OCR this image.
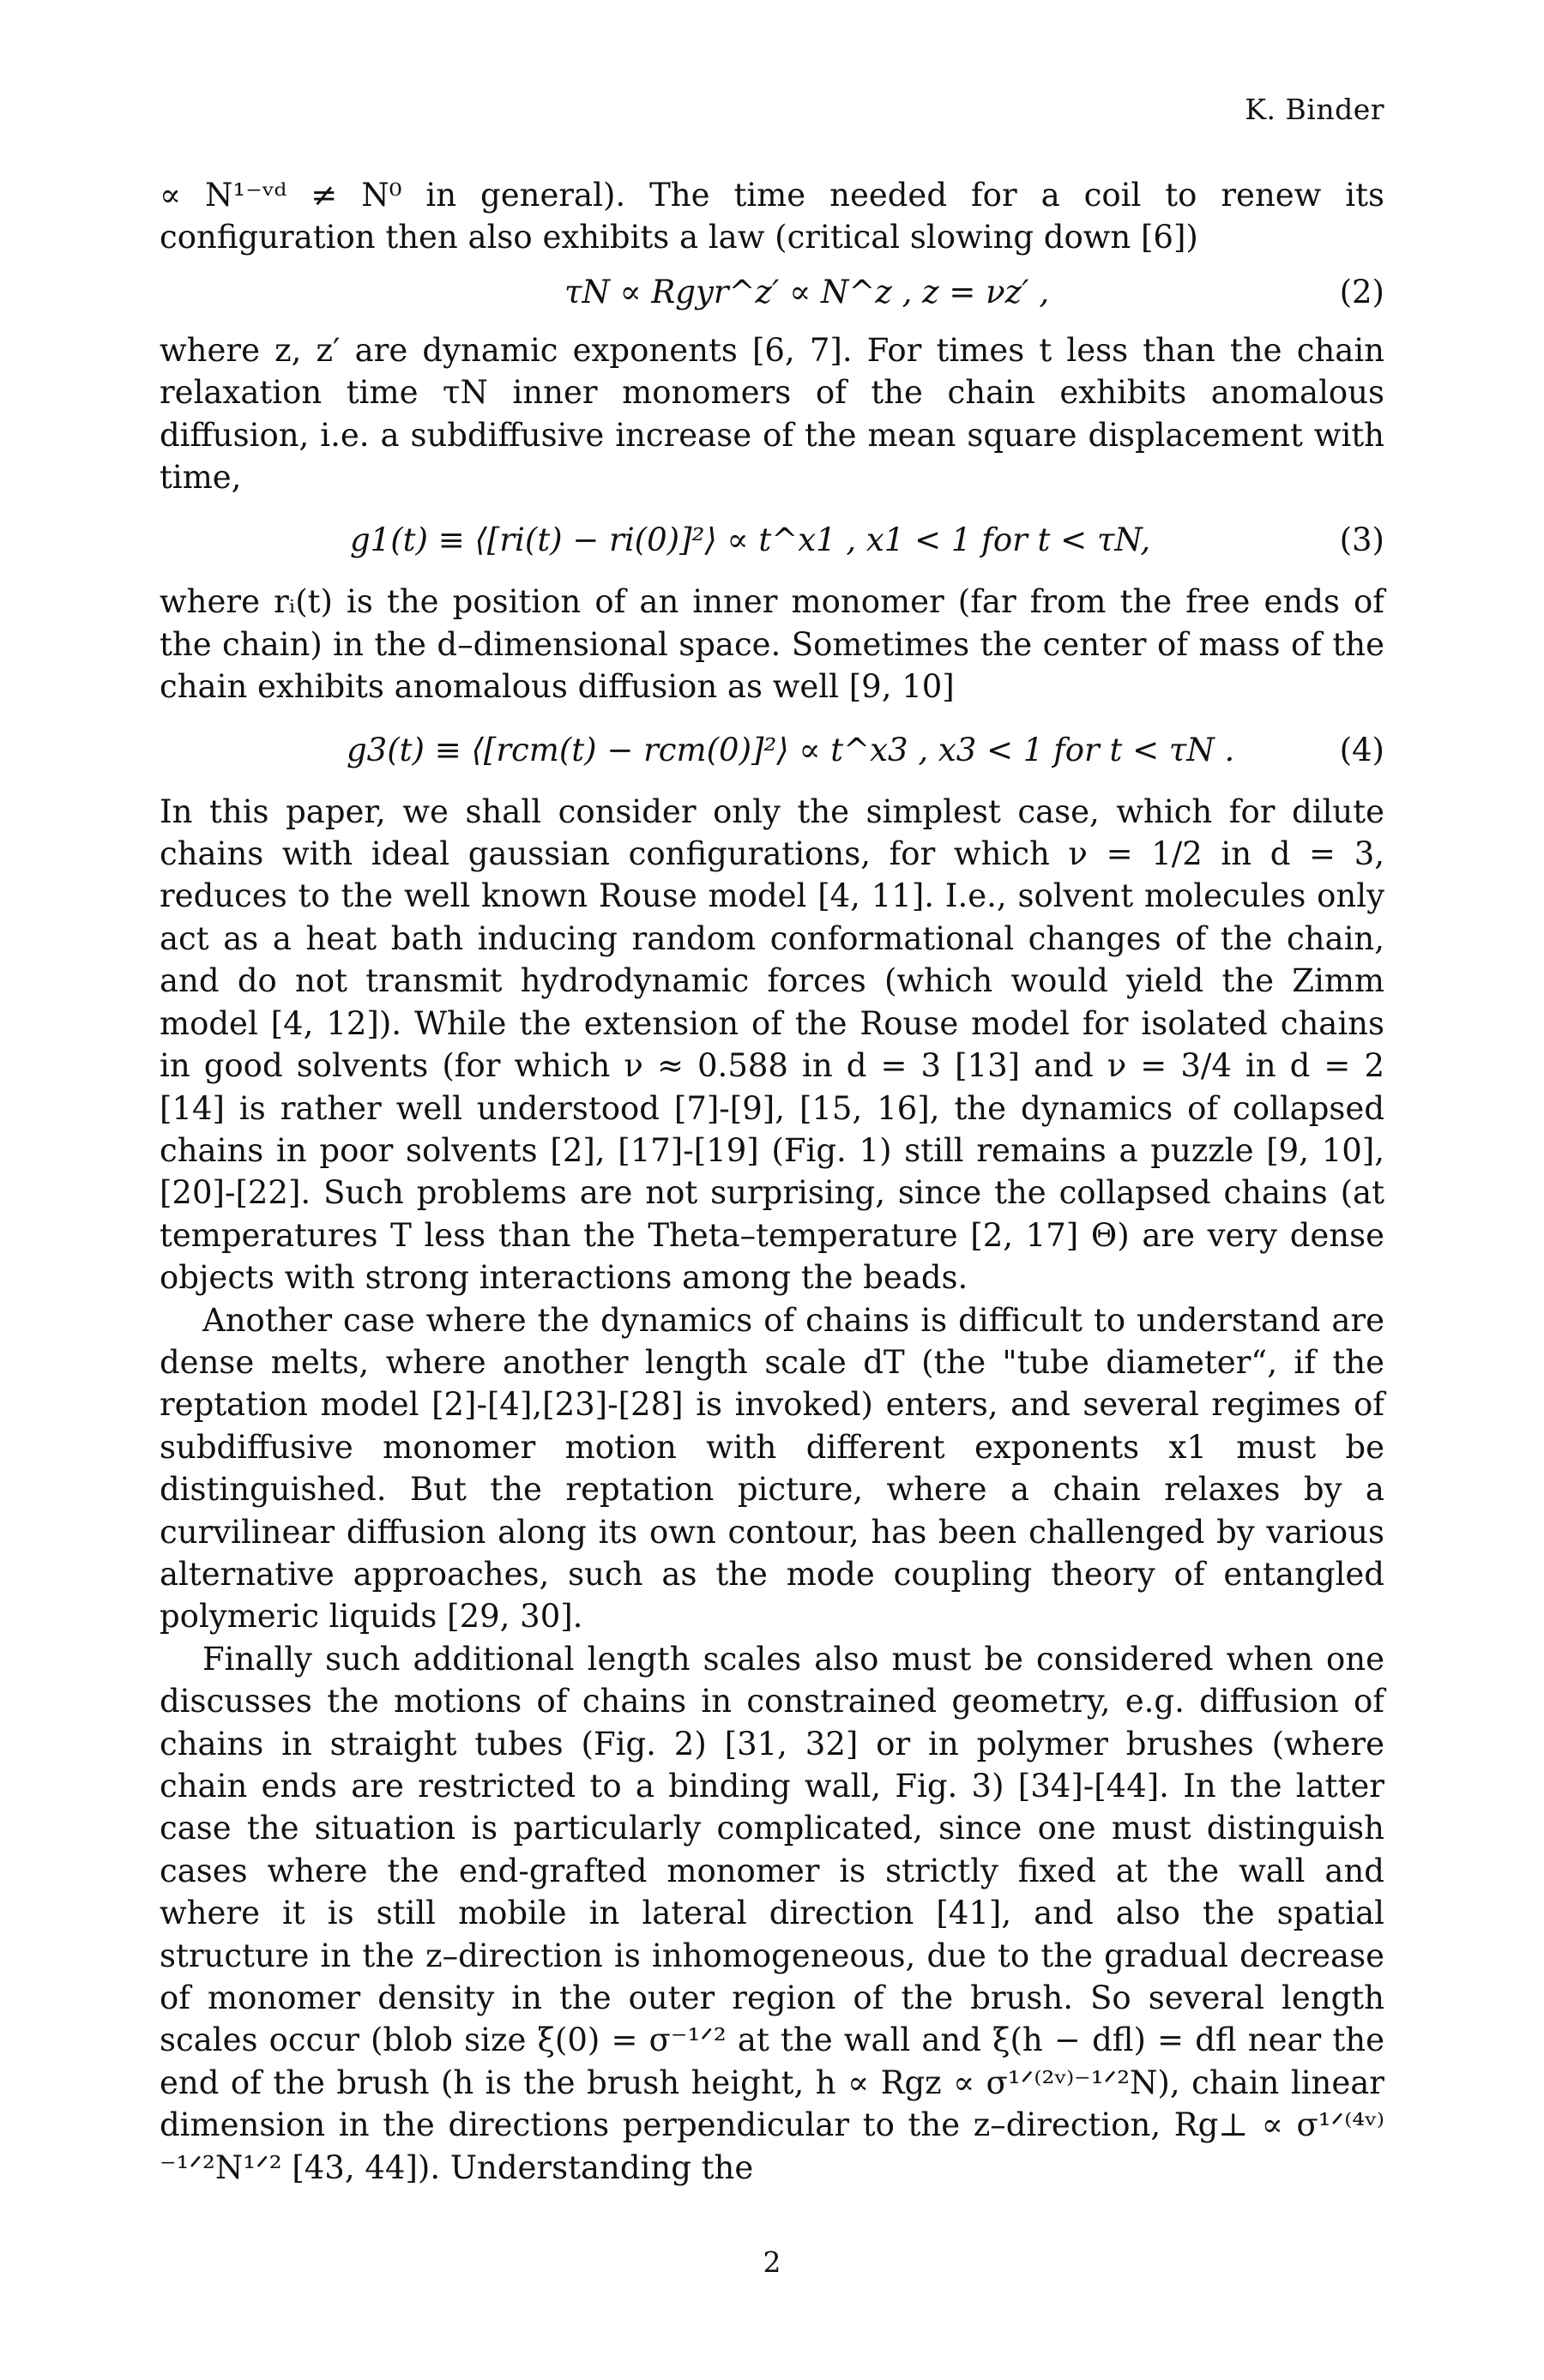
K. Binder

∝ N¹⁻ᵛᵈ ≠ N⁰ in general). The time needed for a coil to renew its configuration then also exhibits a law (critical slowing down [6])

τN ∝ Rgyr^z′ ∝ N^z , z = νz′ ,	(2)

where z, z′ are dynamic exponents [6, 7]. For times t less than the chain relaxation time τN inner monomers of the chain exhibits anomalous diffusion, i.e. a subdiffusive increase of the mean square displacement with time,

g1(t) ≡ ⟨[ri(t) − ri(0)]²⟩ ∝ t^x1 , x1 < 1 for t < τN,	(3)

where rᵢ(t) is the position of an inner monomer (far from the free ends of the chain) in the d–dimensional space. Sometimes the center of mass of the chain exhibits anomalous diffusion as well [9, 10]

g3(t) ≡ ⟨[rcm(t) − rcm(0)]²⟩ ∝ t^x3 , x3 < 1 for t < τN .	(4)

In this paper, we shall consider only the simplest case, which for dilute chains with ideal gaussian configurations, for which ν = 1/2 in d = 3, reduces to the well known Rouse model [4, 11]. I.e., solvent molecules only act as a heat bath inducing random conformational changes of the chain, and do not transmit hydrodynamic forces (which would yield the Zimm model [4, 12]). While the extension of the Rouse model for isolated chains in good solvents (for which ν ≈ 0.588 in d = 3 [13] and ν = 3/4 in d = 2 [14] is rather well understood [7]-[9], [15, 16], the dynamics of collapsed chains in poor solvents [2], [17]-[19] (Fig. 1) still remains a puzzle [9, 10], [20]-[22]. Such problems are not surprising, since the collapsed chains (at temperatures T less than the Theta–temperature [2, 17] Θ) are very dense objects with strong interactions among the beads.

Another case where the dynamics of chains is difficult to understand are dense melts, where another length scale dT (the "tube diameter“, if the reptation model [2]-[4],[23]-[28] is invoked) enters, and several regimes of subdiffusive monomer motion with different exponents x1 must be distinguished. But the reptation picture, where a chain relaxes by a curvilinear diffusion along its own contour, has been challenged by various alternative approaches, such as the mode coupling theory of entangled polymeric liquids [29, 30].

Finally such additional length scales also must be considered when one discusses the motions of chains in constrained geometry, e.g. diffusion of chains in straight tubes (Fig. 2) [31, 32] or in polymer brushes (where chain ends are restricted to a binding wall, Fig. 3) [34]-[44]. In the latter case the situation is particularly complicated, since one must distinguish cases where the end-grafted monomer is strictly fixed at the wall and where it is still mobile in lateral direction [41], and also the spatial structure in the z–direction is inhomogeneous, due to the gradual decrease of monomer density in the outer region of the brush. So several length scales occur (blob size ξ(0) = σ⁻¹ᐟ² at the wall and ξ(h − dfl) = dfl near the end of the brush (h is the brush height, h ∝ Rgz ∝ σ¹ᐟ⁽²ᵛ⁾⁻¹ᐟ²N), chain linear dimension in the directions perpendicular to the z–direction, Rg⊥ ∝ σ¹ᐟ⁽⁴ᵛ⁾⁻¹ᐟ²N¹ᐟ² [43, 44]). Understanding the

2
